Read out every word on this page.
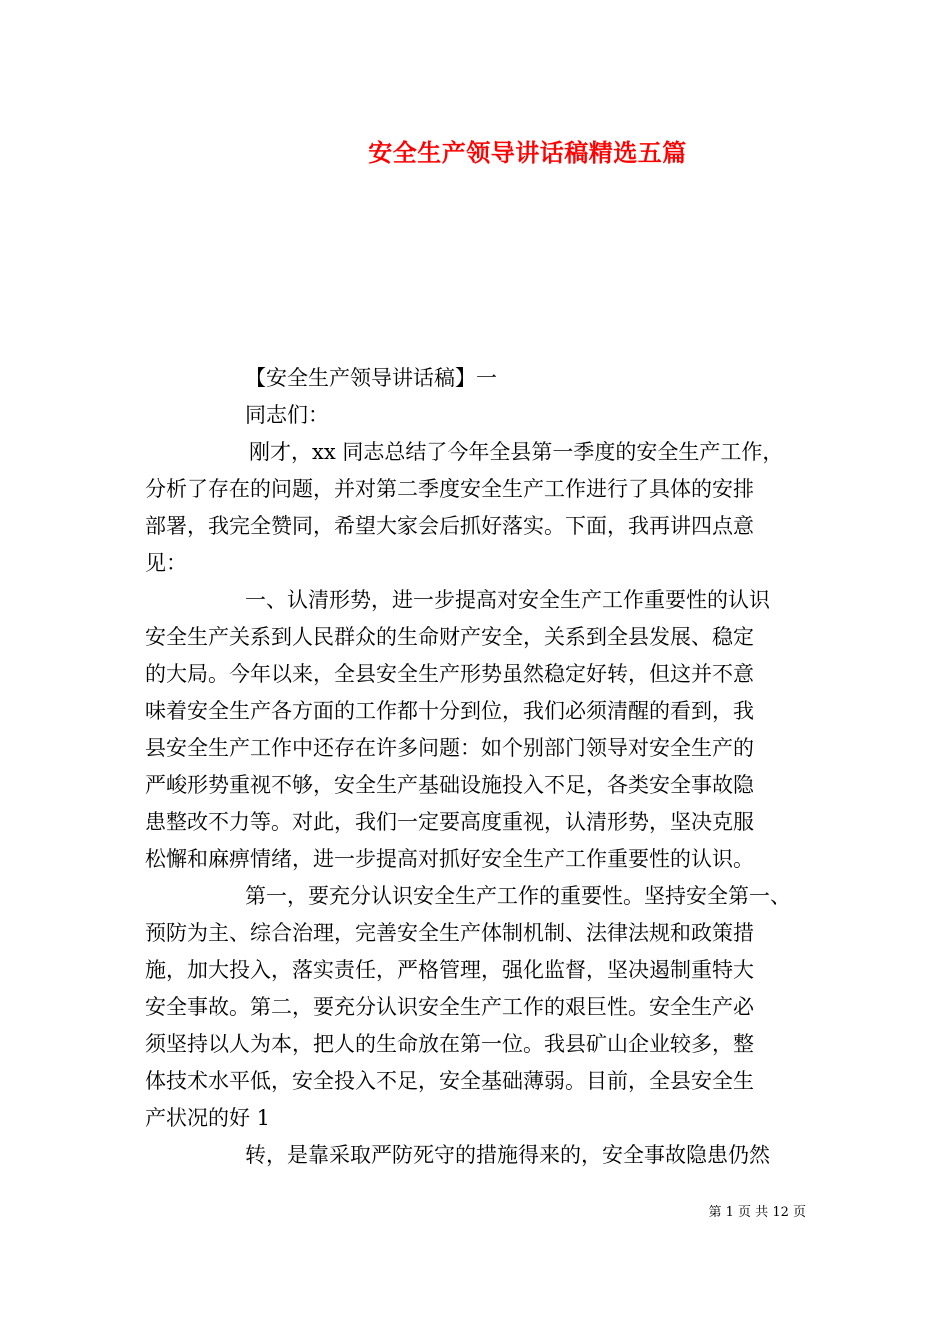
安全生产领导讲话稿精选五篇
【安全生产领导讲话稿】一
同志们：
刚才，xx 同志总结了今年全县第一季度的安全生产工作，
分析了存在的问题，并对第二季度安全生产工作进行了具体的安排
部署，我完全赞同，希望大家会后抓好落实。下面，我再讲四点意
见：
一、认清形势，进一步提高对安全生产工作重要性的认识
安全生产关系到人民群众的生命财产安全，关系到全县发展、稳定
的大局。今年以来，全县安全生产形势虽然稳定好转，但这并不意
味着安全生产各方面的工作都十分到位，我们必须清醒的看到，我
县安全生产工作中还存在许多问题：如个别部门领导对安全生产的
严峻形势重视不够，安全生产基础设施投入不足，各类安全事故隐
患整改不力等。对此，我们一定要高度重视，认清形势，坚决克服
松懈和麻痹情绪，进一步提高对抓好安全生产工作重要性的认识。
第一，要充分认识安全生产工作的重要性。坚持安全第一、
预防为主、综合治理，完善安全生产体制机制、法律法规和政策措
施，加大投入，落实责任，严格管理，强化监督，坚决遏制重特大
安全事故。第二，要充分认识安全生产工作的艰巨性。安全生产必
须坚持以人为本，把人的生命放在第一位。我县矿山企业较多，整
体技术水平低，安全投入不足，安全基础薄弱。目前，全县安全生
产状况的好 1
转，是靠采取严防死守的措施得来的，安全事故隐患仍然
第 1 页 共 12 页
